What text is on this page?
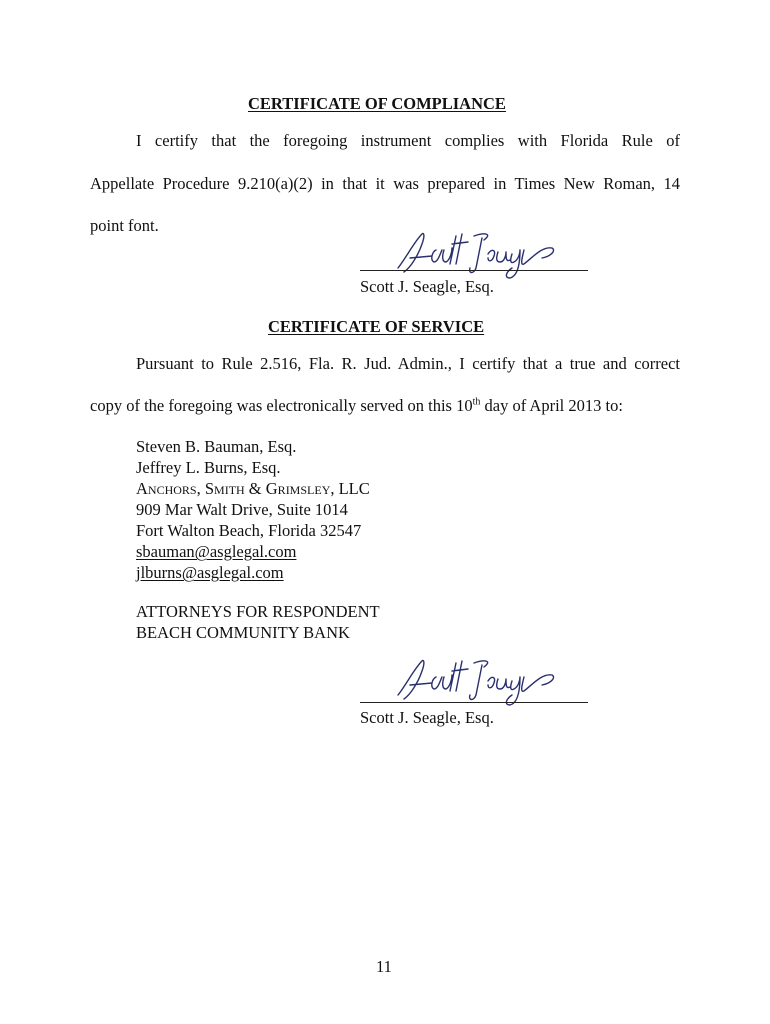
CERTIFICATE OF COMPLIANCE
I certify that the foregoing instrument complies with Florida Rule of
Appellate Procedure 9.210(a)(2) in that it was prepared in Times New Roman, 14
point font.
Scott J. Seagle, Esq.
CERTIFICATE OF SERVICE
Pursuant to Rule 2.516, Fla. R. Jud. Admin., I certify that a true and correct
copy of the foregoing was electronically served on this 10th day of April 2013 to:
Steven B. Bauman, Esq.
Jeffrey L. Burns, Esq.
Anchors, Smith & Grimsley, LLC
909 Mar Walt Drive, Suite 1014
Fort Walton Beach, Florida 32547
sbauman@asglegal.com
jlburns@asglegal.com
ATTORNEYS FOR RESPONDENT
BEACH COMMUNITY BANK
Scott J. Seagle, Esq.
11
